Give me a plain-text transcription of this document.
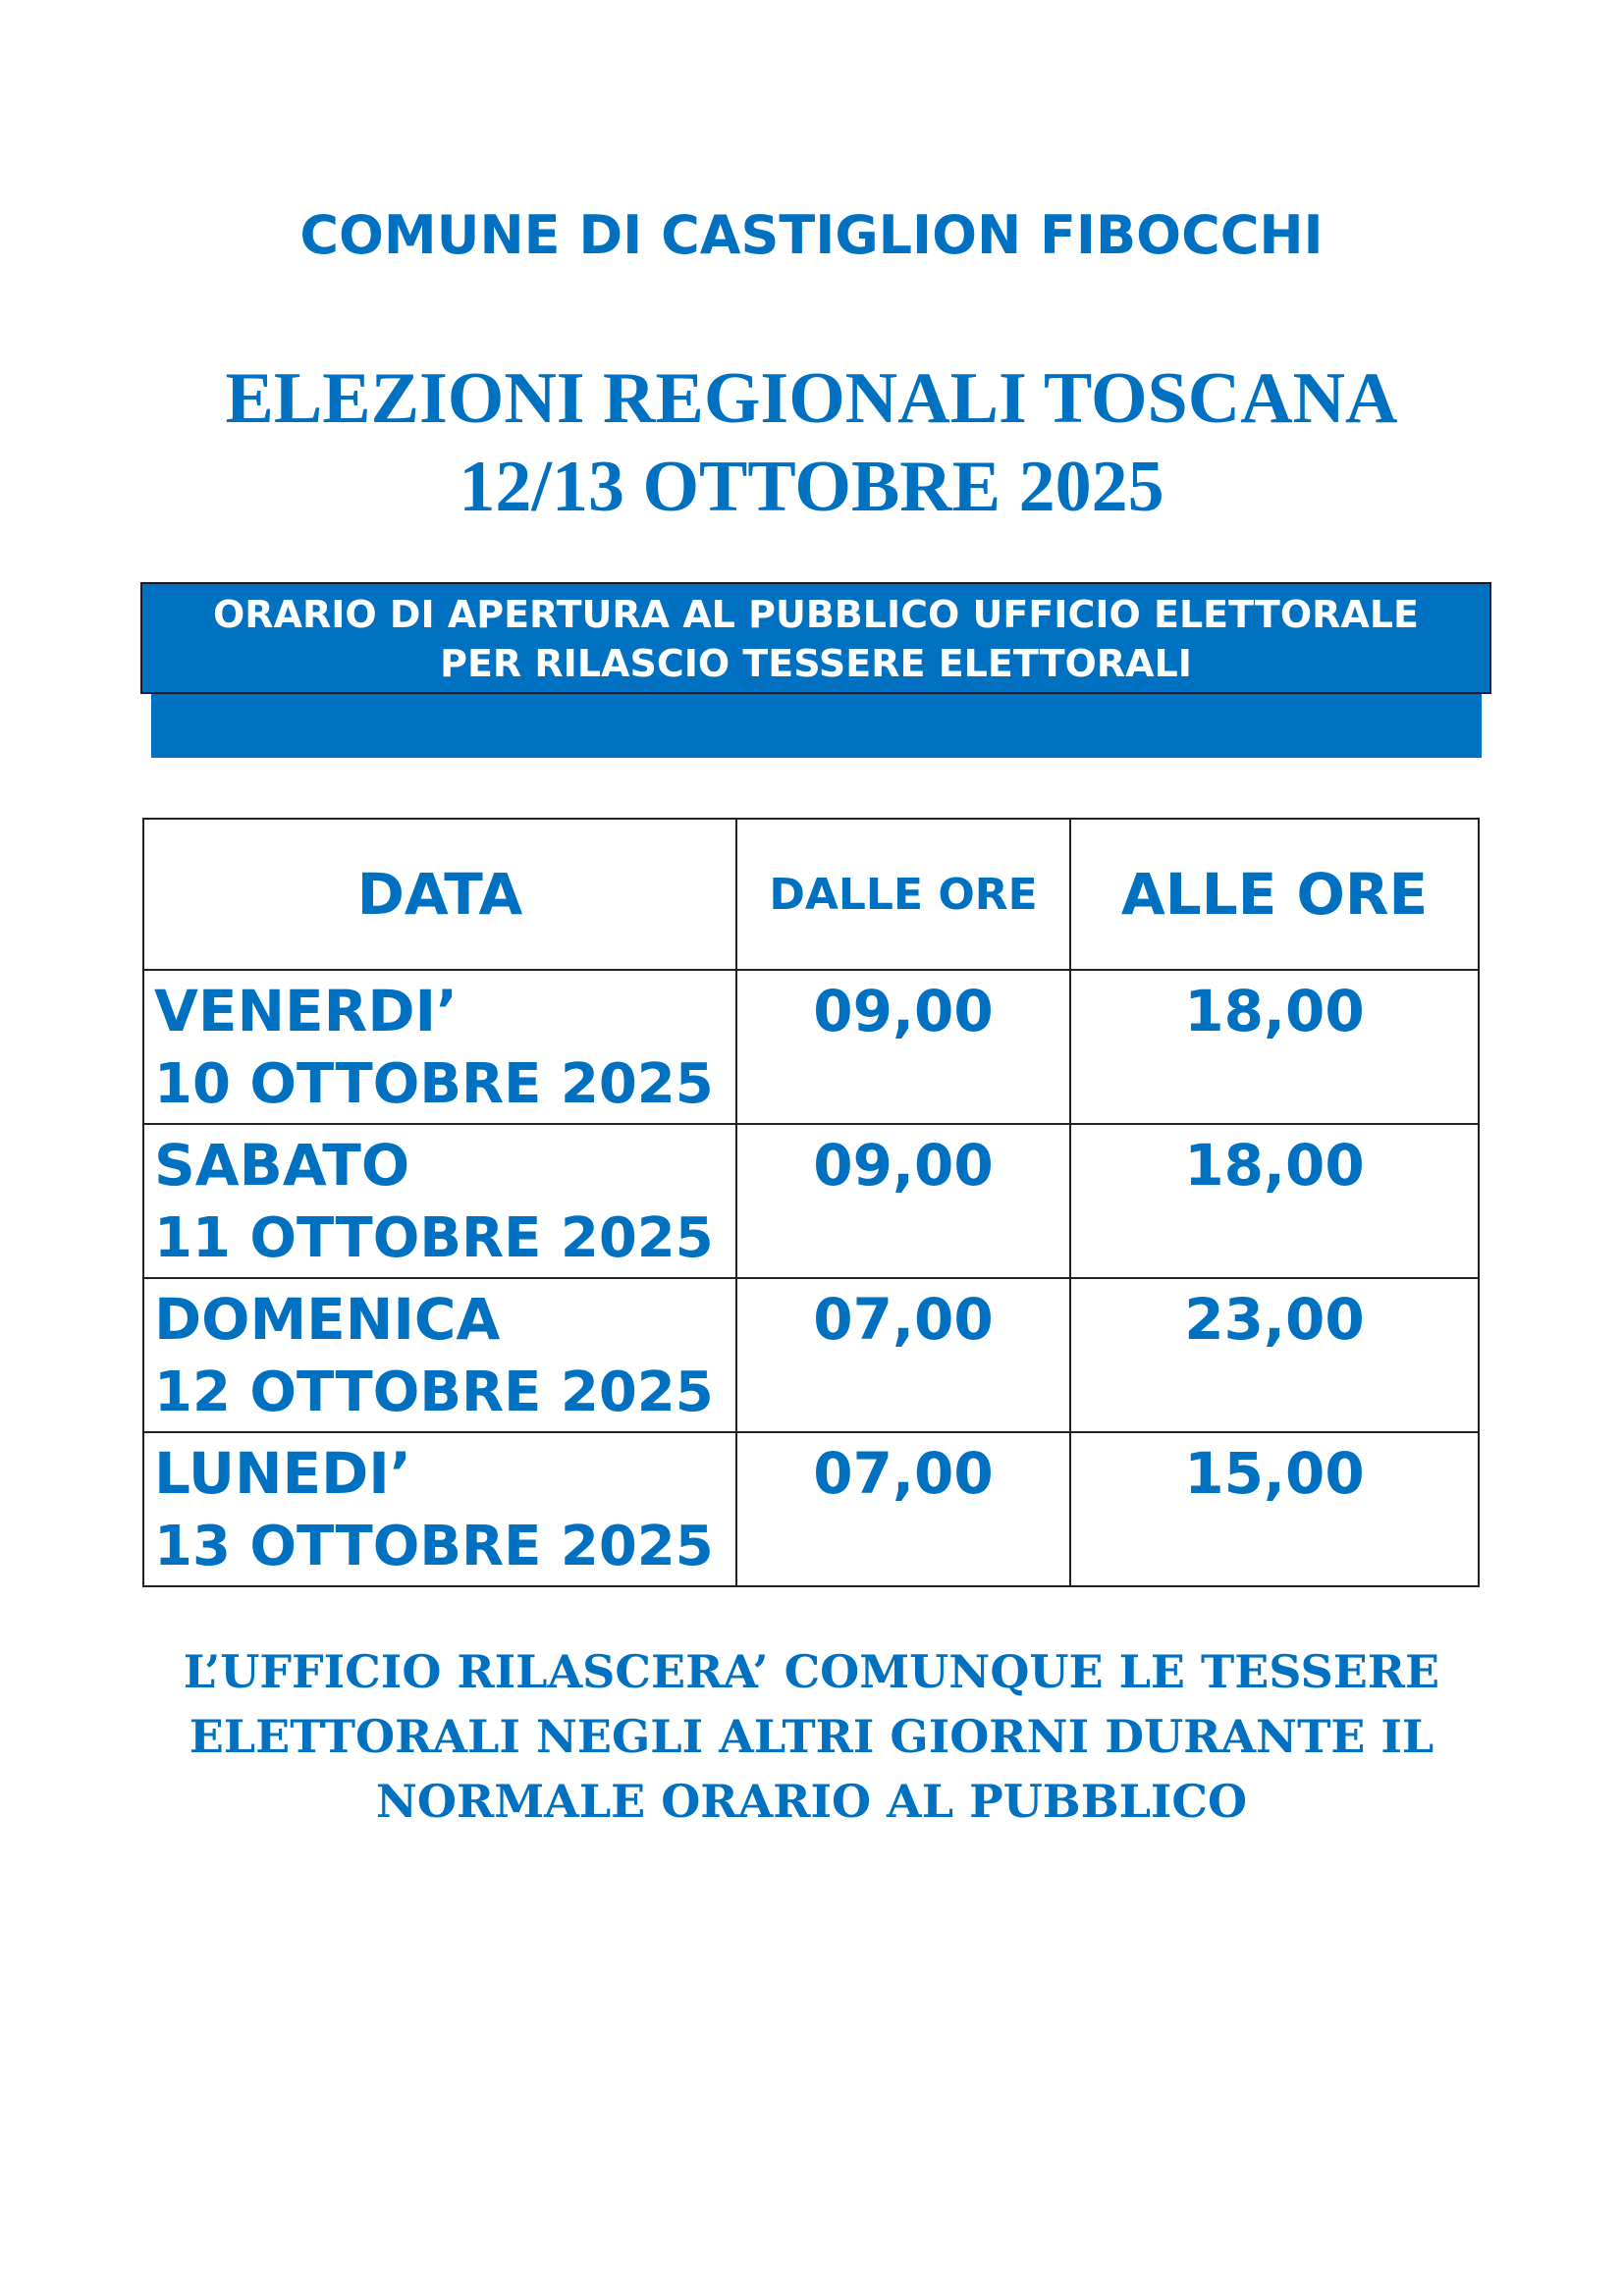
COMUNE DI CASTIGLION FIBOCCHI
ELEZIONI REGIONALI TOSCANA
12/13 OTTOBRE 2025
ORARIO DI APERTURA AL PUBBLICO UFFICIO ELETTORALE
PER RILASCIO TESSERE ELETTORALI
DATA	DALLE ORE	ALLE ORE

VENERDI’
10 OTTOBRE 2025	09,00	18,00

SABATO
11 OTTOBRE 2025	09,00	18,00

DOMENICA
12 OTTOBRE 2025	07,00	23,00

LUNEDI’
13 OTTOBRE 2025	07,00	15,00
L’UFFICIO RILASCERA’ COMUNQUE LE TESSERE
ELETTORALI NEGLI ALTRI GIORNI DURANTE IL
NORMALE ORARIO AL PUBBLICO
